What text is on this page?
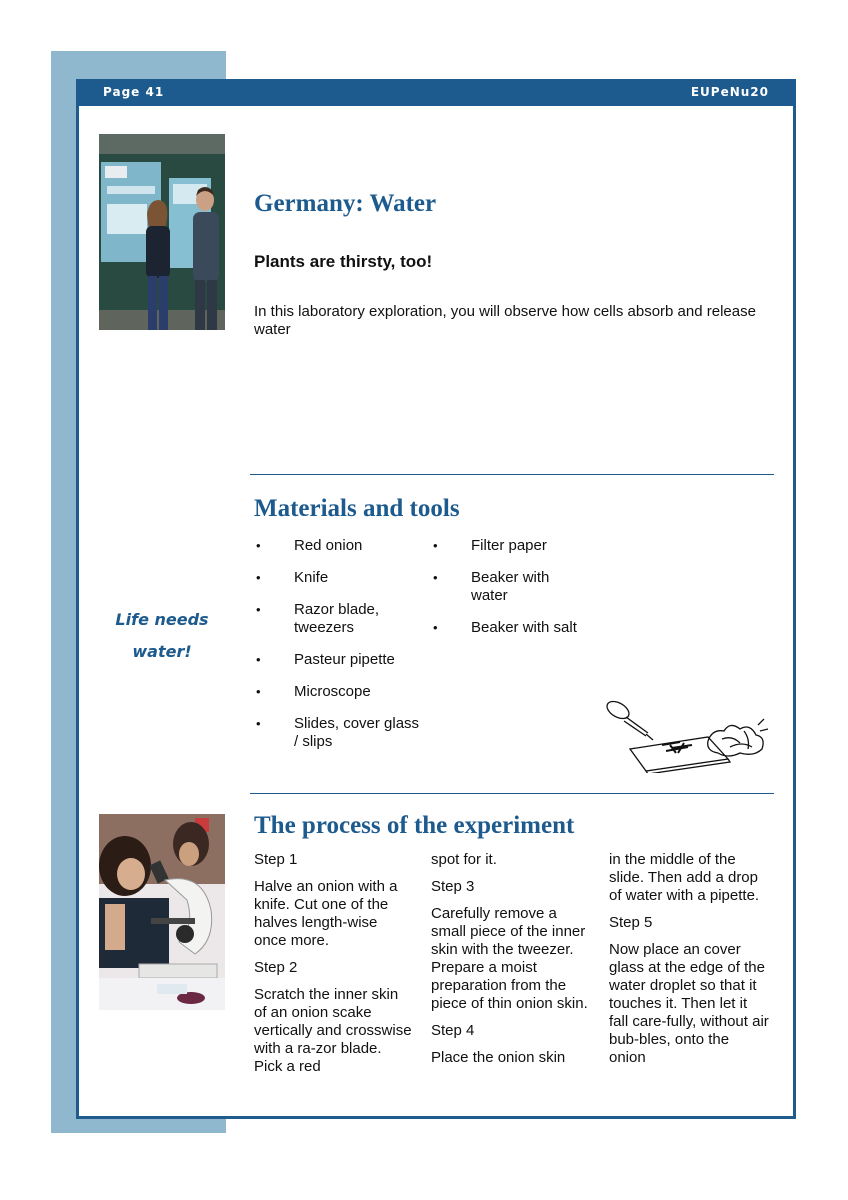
Page 41	EUPeNu20
Germany: Water

Plants are thirsty, too!

In this laboratory exploration, you will observe how cells absorb and release water

Materials and tools
• Red onion
• Knife
• Razor blade, tweezers
• Pasteur pipette
• Microscope
• Slides, cover glass / slips
• Filter paper
• Beaker with water
• Beaker with salt
Life needs
water!
The process of the experiment

Step 1

Halve an onion with a knife. Cut one of the halves length-wise once more.

Step 2

Scratch the inner skin of an onion scake vertically and crosswise with a ra-zor blade. Pick a red

spot for it.

Step 3

Carefully remove a small piece of the inner skin with the tweezer. Prepare a moist preparation from the piece of thin onion skin.

Step 4

Place the onion skin

in the middle of the slide. Then add a drop of water with a pipette.

Step 5

Now place an cover glass at the edge of the water droplet so that it touches it. Then let it fall care-fully, without air bub-bles, onto the onion
